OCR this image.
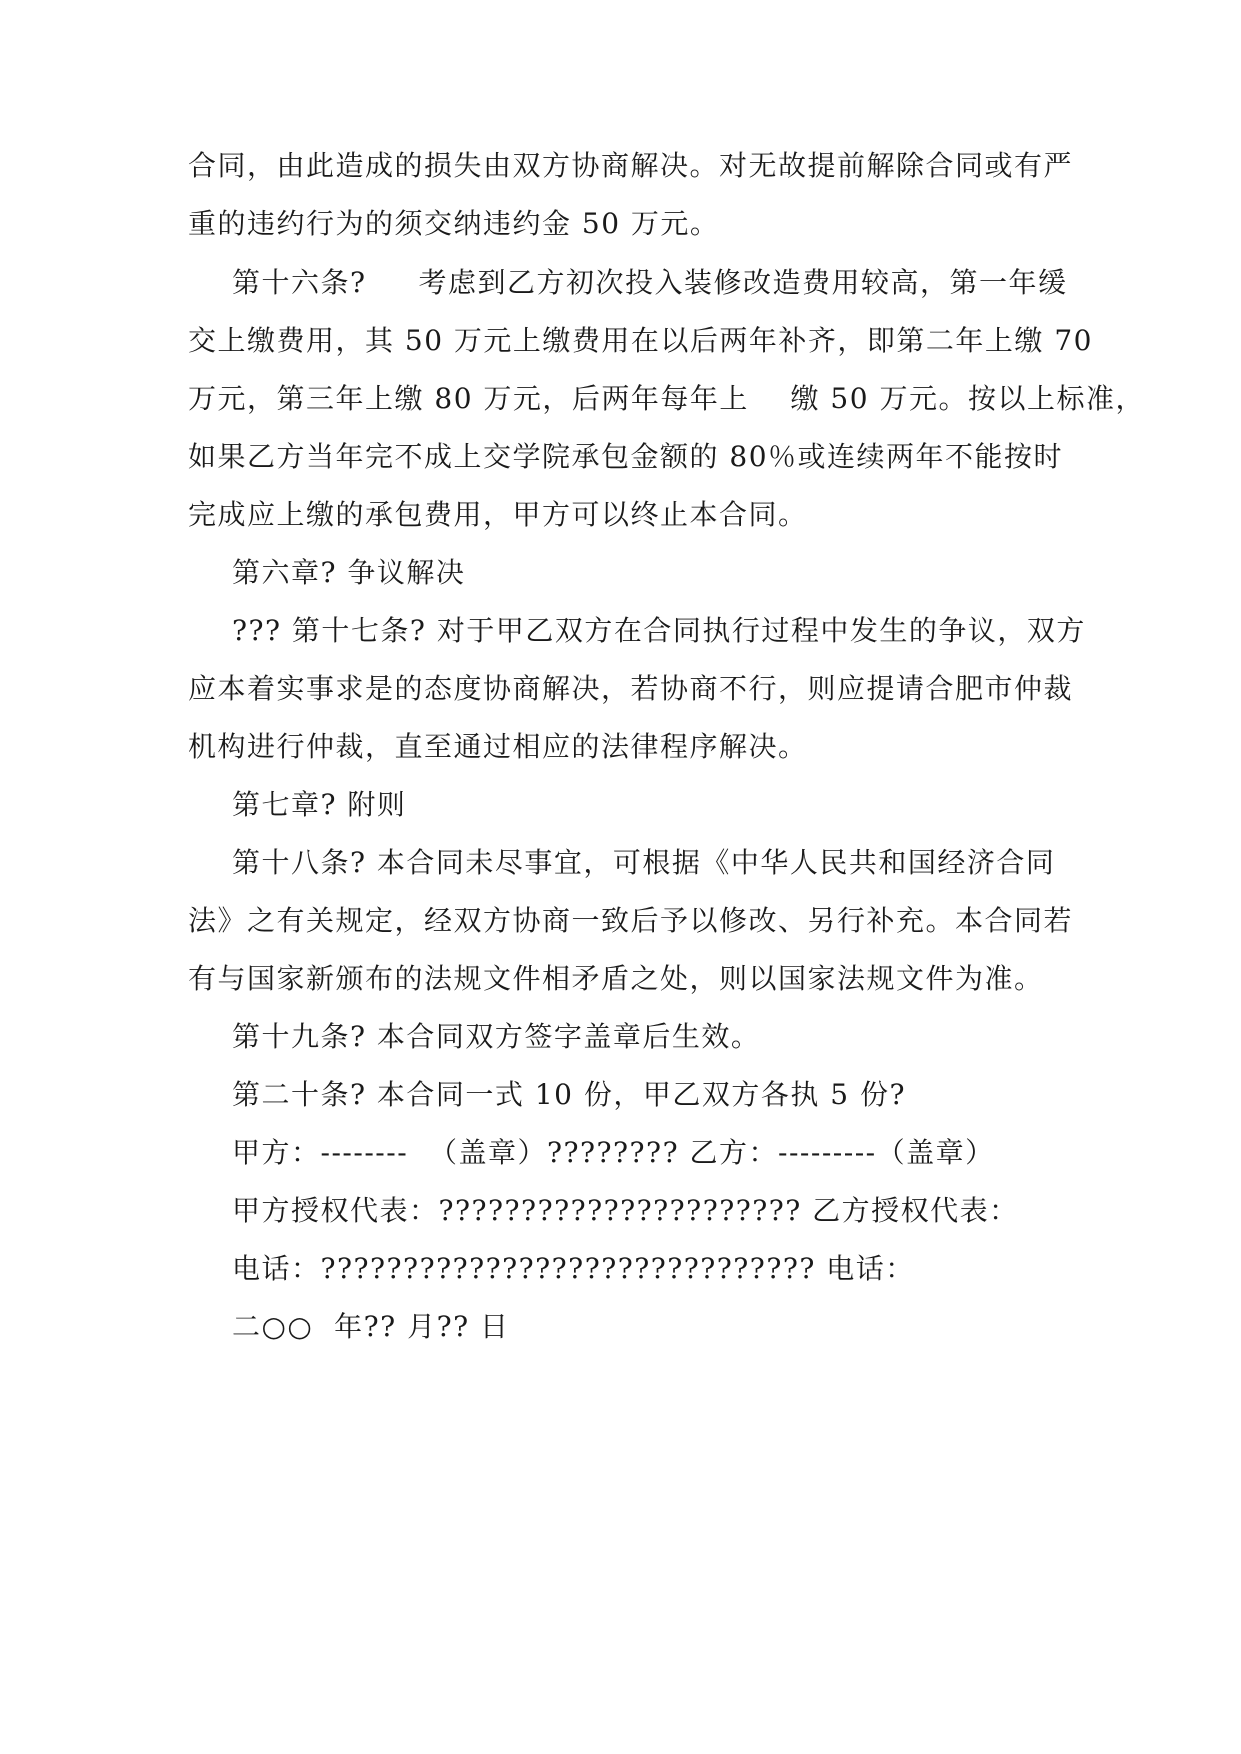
合同，由此造成的损失由双方协商解决。对无故提前解除合同或有严
重的违约行为的须交纳违约金 50 万元。
第十六条?     考虑到乙方初次投入装修改造费用较高，第一年缓
交上缴费用，其 50 万元上缴费用在以后两年补齐，即第二年上缴 70
万元，第三年上缴 80 万元，后两年每年上    缴 50 万元。按以上标准，
如果乙方当年完不成上交学院承包金额的 80％或连续两年不能按时
完成应上缴的承包费用，甲方可以终止本合同。
第六章? 争议解决
??? 第十七条? 对于甲乙双方在合同执行过程中发生的争议，双方
应本着实事求是的态度协商解决，若协商不行，则应提请合肥市仲裁
机构进行仲裁，直至通过相应的法律程序解决。
第七章? 附则
第十八条? 本合同未尽事宜，可根据《中华人民共和国经济合同
法》之有关规定，经双方协商一致后予以修改、另行补充。本合同若
有与国家新颁布的法规文件相矛盾之处，则以国家法规文件为准。
第十九条? 本合同双方签字盖章后生效。
第二十条? 本合同一式 10 份，甲乙双方各执 5 份?
甲方：--------  （盖章）???????? 乙方：---------（盖章）
甲方授权代表：?????????????????????? 乙方授权代表：
电话：?????????????????????????????? 电话：
二○○  年?? 月?? 日
